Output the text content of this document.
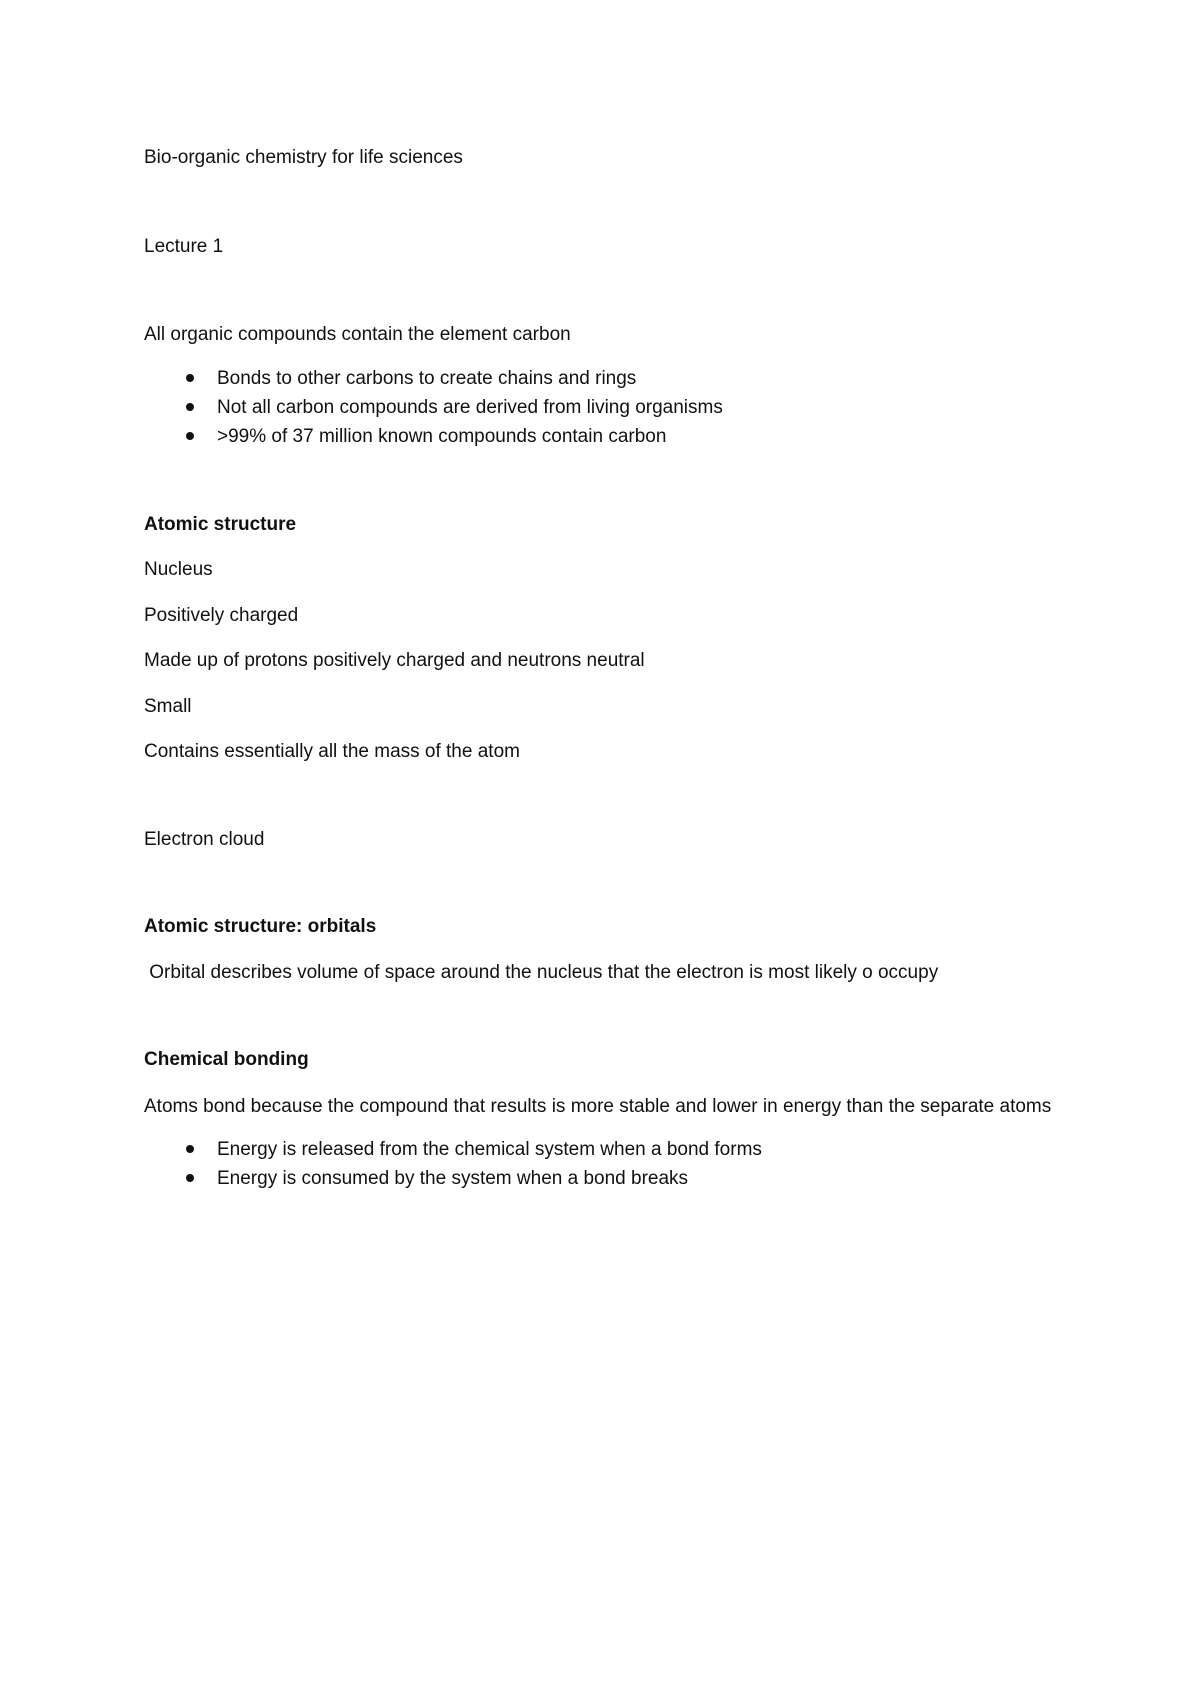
Bio-organic chemistry for life sciences

Lecture 1

All organic compounds contain the element carbon

Bonds to other carbons to create chains and rings
Not all carbon compounds are derived from living organisms
>99% of 37 million known compounds contain carbon

Atomic structure

Nucleus

Positively charged

Made up of protons positively charged and neutrons neutral

Small

Contains essentially all the mass of the atom

Electron cloud

Atomic structure: orbitals

Orbital describes volume of space around the nucleus that the electron is most likely o occupy

Chemical bonding

Atoms bond because the compound that results is more stable and lower in energy than the separate atoms

Energy is released from the chemical system when a bond forms
Energy is consumed by the system when a bond breaks
